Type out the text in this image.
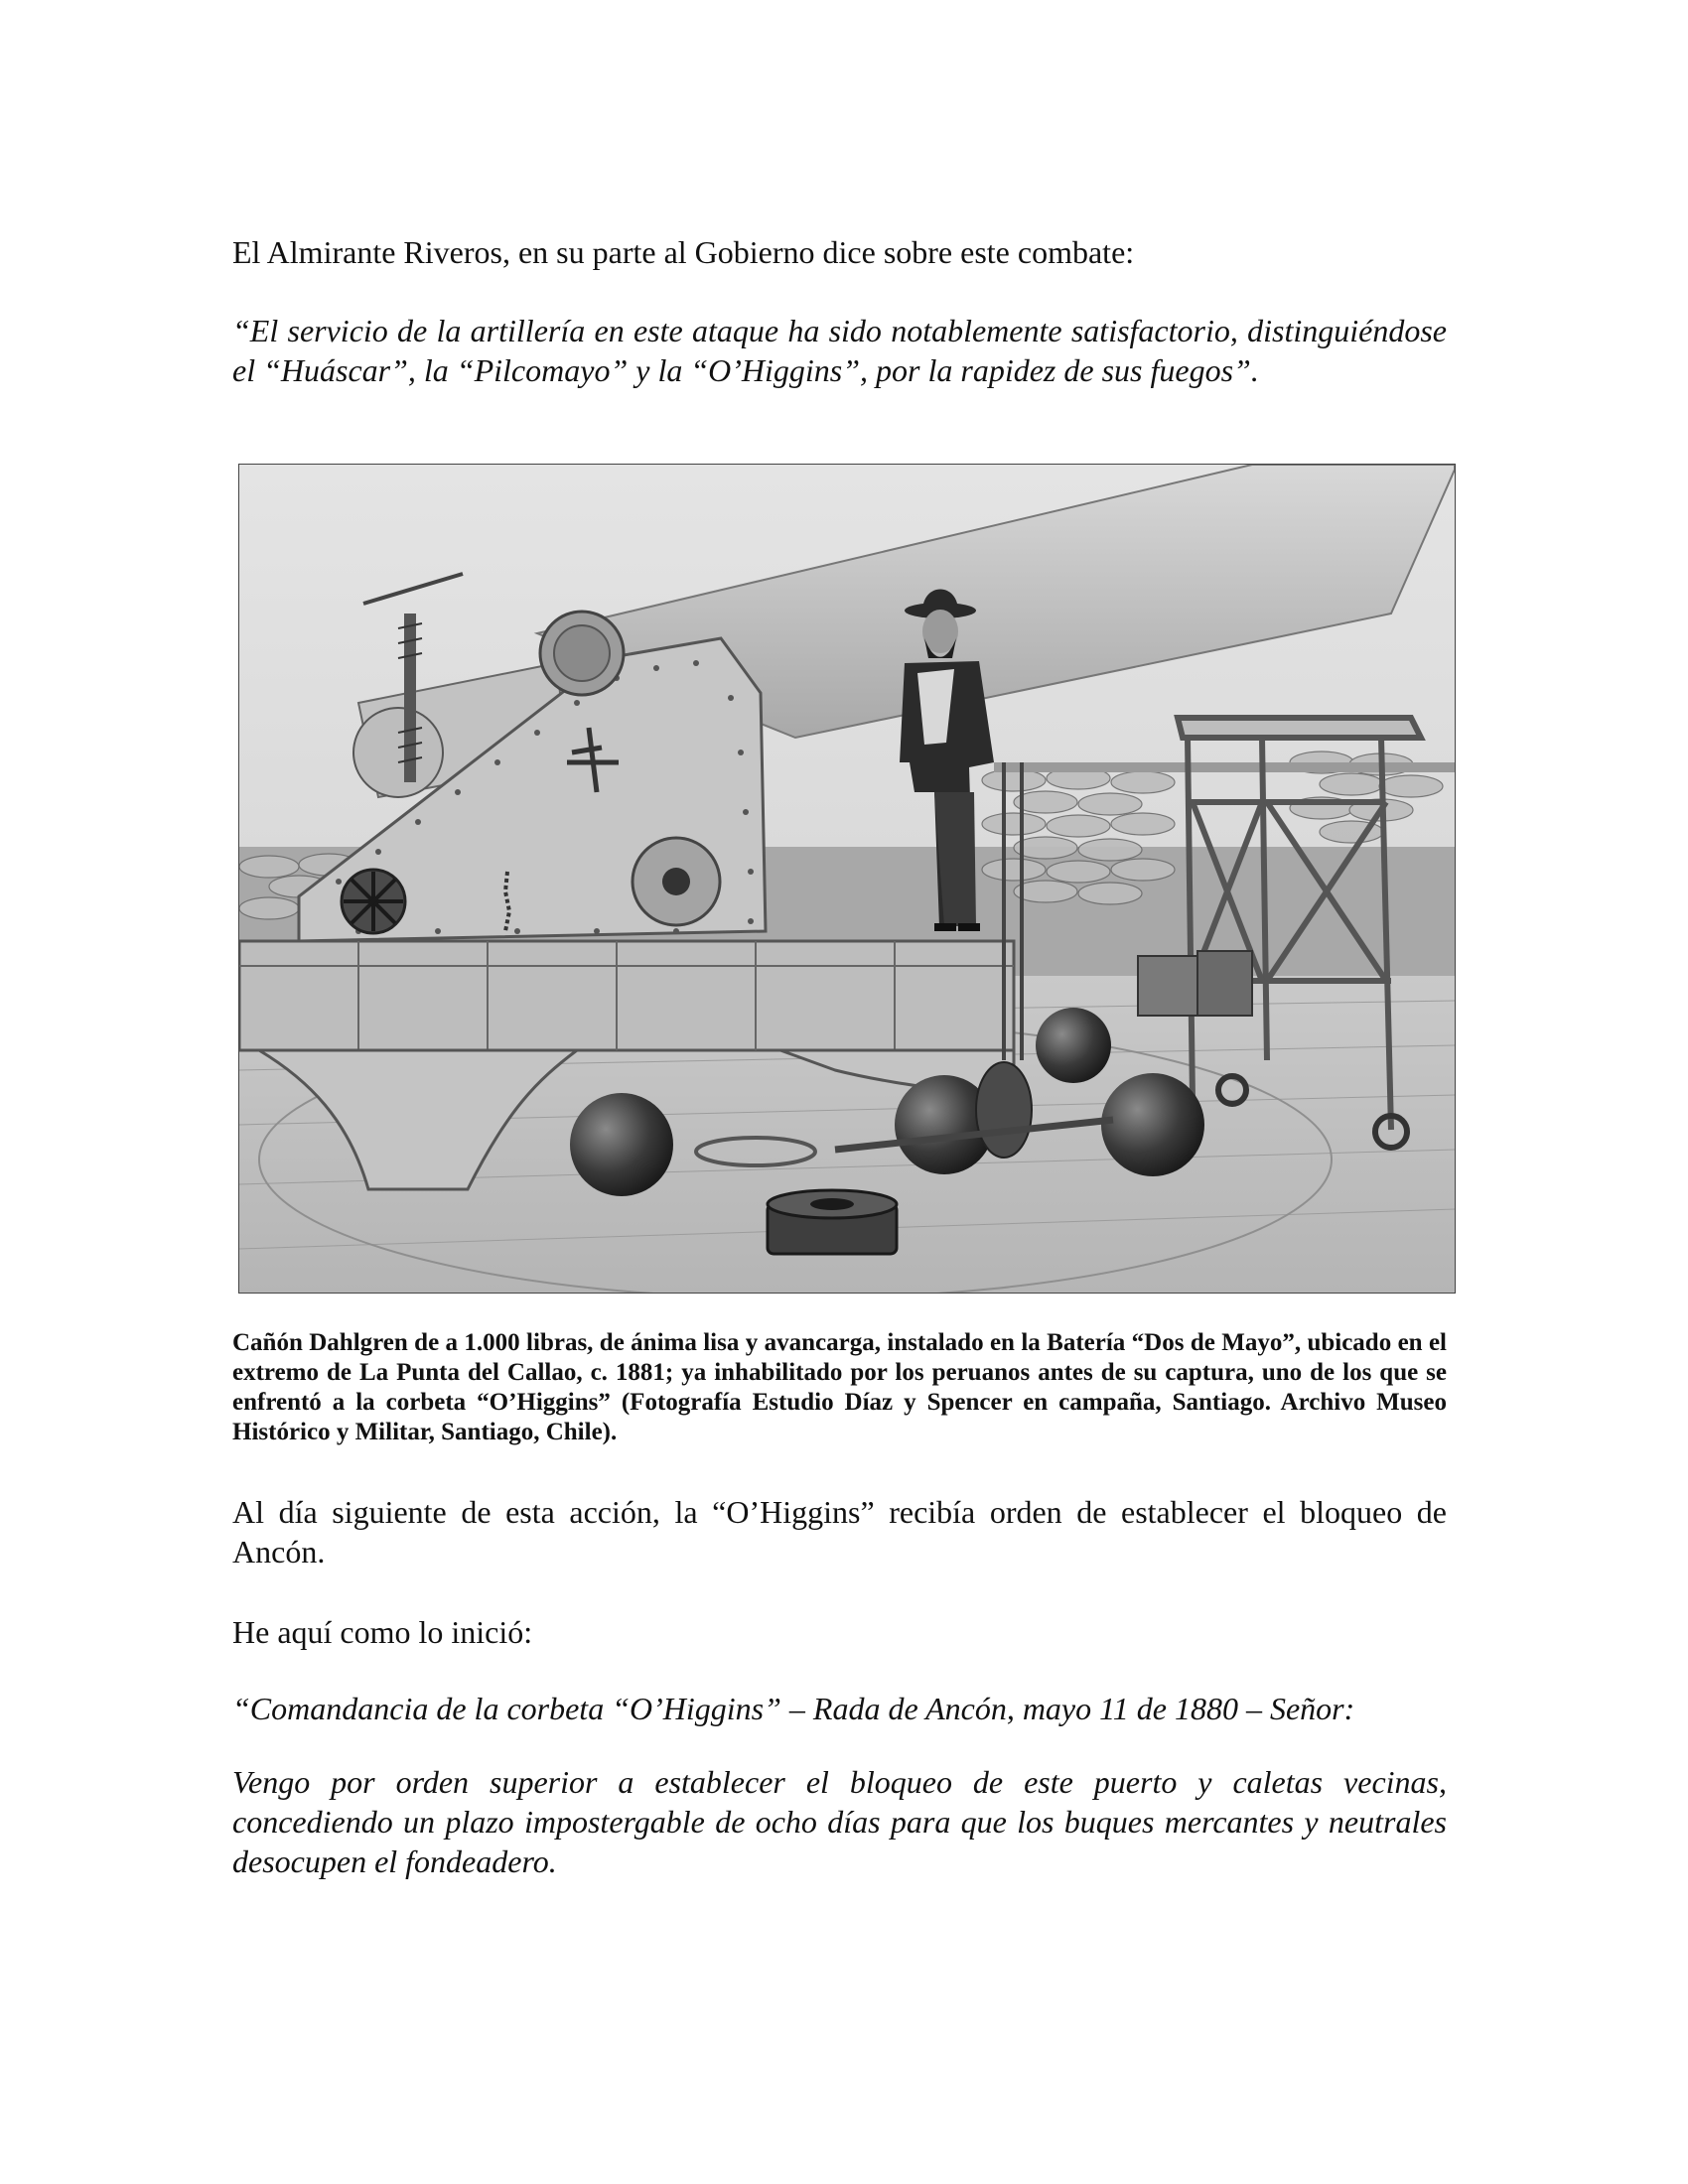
El Almirante Riveros, en su parte al Gobierno dice sobre este combate:

“El servicio de la artillería en este ataque ha sido notablemente satisfactorio, distinguiéndose el “Huáscar”, la “Pilcomayo” y la “O’Higgins”, por la rapidez de sus fuegos”.

Cañón Dahlgren de a 1.000 libras, de ánima lisa y avancarga, instalado en la Batería “Dos de Mayo”, ubicado en el extremo de La Punta del Callao, c. 1881; ya inhabilitado por los peruanos antes de su captura, uno de los que se enfrentó a la corbeta “O’Higgins” (Fotografía Estudio Díaz y Spencer en campaña, Santiago. Archivo Museo Histórico y Militar, Santiago, Chile).

Al día siguiente de esta acción, la “O’Higgins” recibía orden de establecer el bloqueo de Ancón.

He aquí como lo inició:

“Comandancia de la corbeta “O’Higgins” – Rada de Ancón, mayo 11 de 1880 – Señor:

Vengo por orden superior a establecer el bloqueo de este puerto y caletas vecinas, concediendo un plazo impostergable de ocho días para que los buques mercantes y neutrales desocupen el fondeadero.
